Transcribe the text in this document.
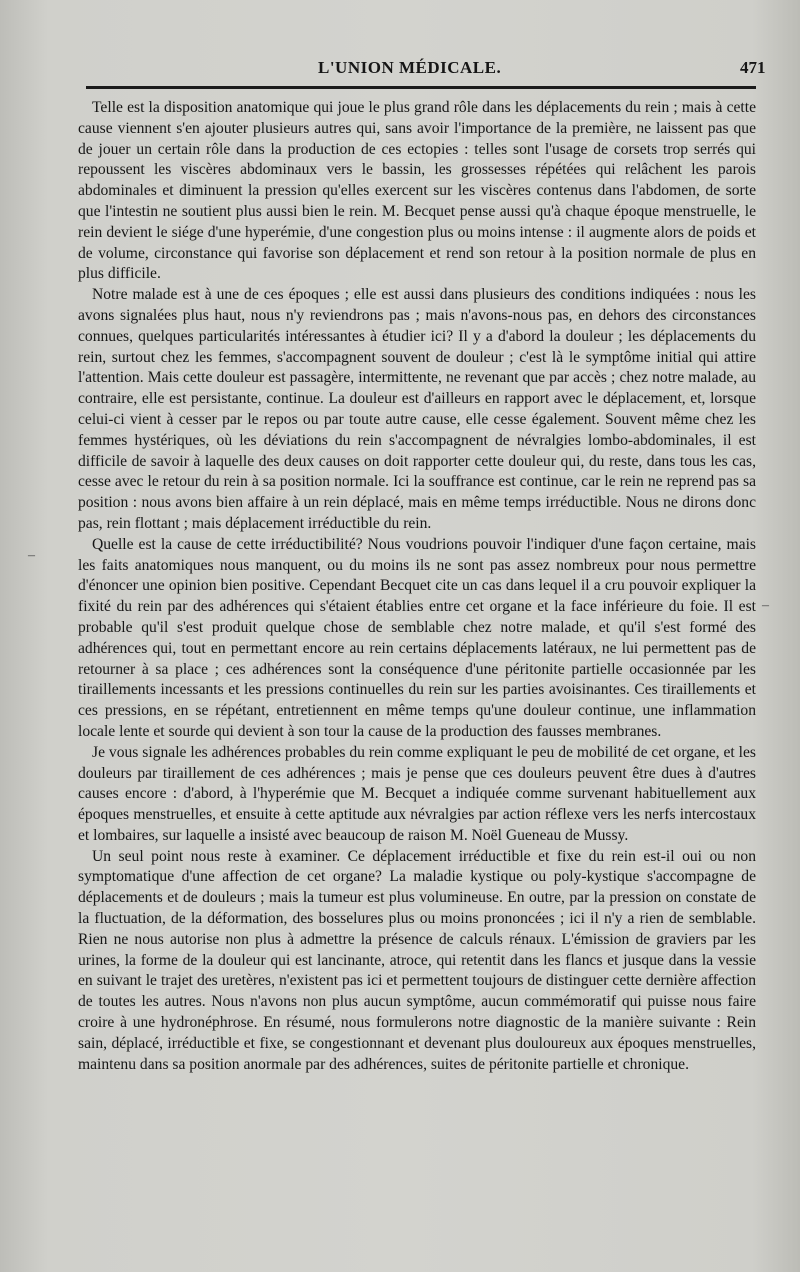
L'UNION MÉDICALE.	471
–
–

Telle est la disposition anatomique qui joue le plus grand rôle dans les déplacements du rein ; mais à cette cause viennent s'en ajouter plusieurs autres qui, sans avoir l'importance de la première, ne laissent pas que de jouer un certain rôle dans la production de ces ectopies : telles sont l'usage de corsets trop serrés qui repoussent les viscères abdominaux vers le bassin, les grossesses répétées qui relâchent les parois abdominales et diminuent la pression qu'elles exercent sur les viscères contenus dans l'abdomen, de sorte que l'intestin ne soutient plus aussi bien le rein. M. Becquet pense aussi qu'à chaque époque menstruelle, le rein devient le siége d'une hyperémie, d'une congestion plus ou moins intense : il augmente alors de poids et de volume, circonstance qui favorise son déplacement et rend son retour à la position normale de plus en plus difficile.

Notre malade est à une de ces époques ; elle est aussi dans plusieurs des conditions indiquées : nous les avons signalées plus haut, nous n'y reviendrons pas ; mais n'avons-nous pas, en dehors des circonstances connues, quelques particularités intéressantes à étudier ici? Il y a d'abord la douleur ; les déplacements du rein, surtout chez les femmes, s'accompagnent souvent de douleur ; c'est là le symptôme initial qui attire l'attention. Mais cette douleur est passagère, intermittente, ne revenant que par accès ; chez notre malade, au contraire, elle est persistante, continue. La douleur est d'ailleurs en rapport avec le déplacement, et, lorsque celui-ci vient à cesser par le repos ou par toute autre cause, elle cesse également. Souvent même chez les femmes hystériques, où les déviations du rein s'accompagnent de névralgies lombo-abdominales, il est difficile de savoir à laquelle des deux causes on doit rapporter cette douleur qui, du reste, dans tous les cas, cesse avec le retour du rein à sa position normale. Ici la souffrance est continue, car le rein ne reprend pas sa position : nous avons bien affaire à un rein déplacé, mais en même temps irréductible. Nous ne dirons donc pas, rein flottant ; mais déplacement irréductible du rein.

Quelle est la cause de cette irréductibilité? Nous voudrions pouvoir l'indiquer d'une façon certaine, mais les faits anatomiques nous manquent, ou du moins ils ne sont pas assez nombreux pour nous permettre d'énoncer une opinion bien positive. Cependant Becquet cite un cas dans lequel il a cru pouvoir expliquer la fixité du rein par des adhérences qui s'étaient établies entre cet organe et la face inférieure du foie. Il est probable qu'il s'est produit quelque chose de semblable chez notre malade, et qu'il s'est formé des adhérences qui, tout en permettant encore au rein certains déplacements latéraux, ne lui permettent pas de retourner à sa place ; ces adhérences sont la conséquence d'une péritonite partielle occasionnée par les tiraillements incessants et les pressions continuelles du rein sur les parties avoisinantes. Ces tiraillements et ces pressions, en se répétant, entretiennent en même temps qu'une douleur continue, une inflammation locale lente et sourde qui devient à son tour la cause de la production des fausses membranes.

Je vous signale les adhérences probables du rein comme expliquant le peu de mobilité de cet organe, et les douleurs par tiraillement de ces adhérences ; mais je pense que ces douleurs peuvent être dues à d'autres causes encore : d'abord, à l'hyperémie que M. Becquet a indiquée comme survenant habituellement aux époques menstruelles, et ensuite à cette aptitude aux névralgies par action réflexe vers les nerfs intercostaux et lombaires, sur laquelle a insisté avec beaucoup de raison M. Noël Gueneau de Mussy.

Un seul point nous reste à examiner. Ce déplacement irréductible et fixe du rein est-il oui ou non symptomatique d'une affection de cet organe? La maladie kystique ou poly-kystique s'accompagne de déplacements et de douleurs ; mais la tumeur est plus volumineuse. En outre, par la pression on constate de la fluctuation, de la déformation, des bosselures plus ou moins prononcées ; ici il n'y a rien de semblable. Rien ne nous autorise non plus à admettre la présence de calculs rénaux. L'émission de graviers par les urines, la forme de la douleur qui est lancinante, atroce, qui retentit dans les flancs et jusque dans la vessie en suivant le trajet des uretères, n'existent pas ici et permettent toujours de distinguer cette dernière affection de toutes les autres. Nous n'avons non plus aucun symptôme, aucun commémoratif qui puisse nous faire croire à une hydronéphrose. En résumé, nous formulerons notre diagnostic de la manière suivante : Rein sain, déplacé, irréductible et fixe, se congestionnant et devenant plus douloureux aux époques menstruelles, maintenu dans sa position anormale par des adhérences, suites de péritonite partielle et chronique.
